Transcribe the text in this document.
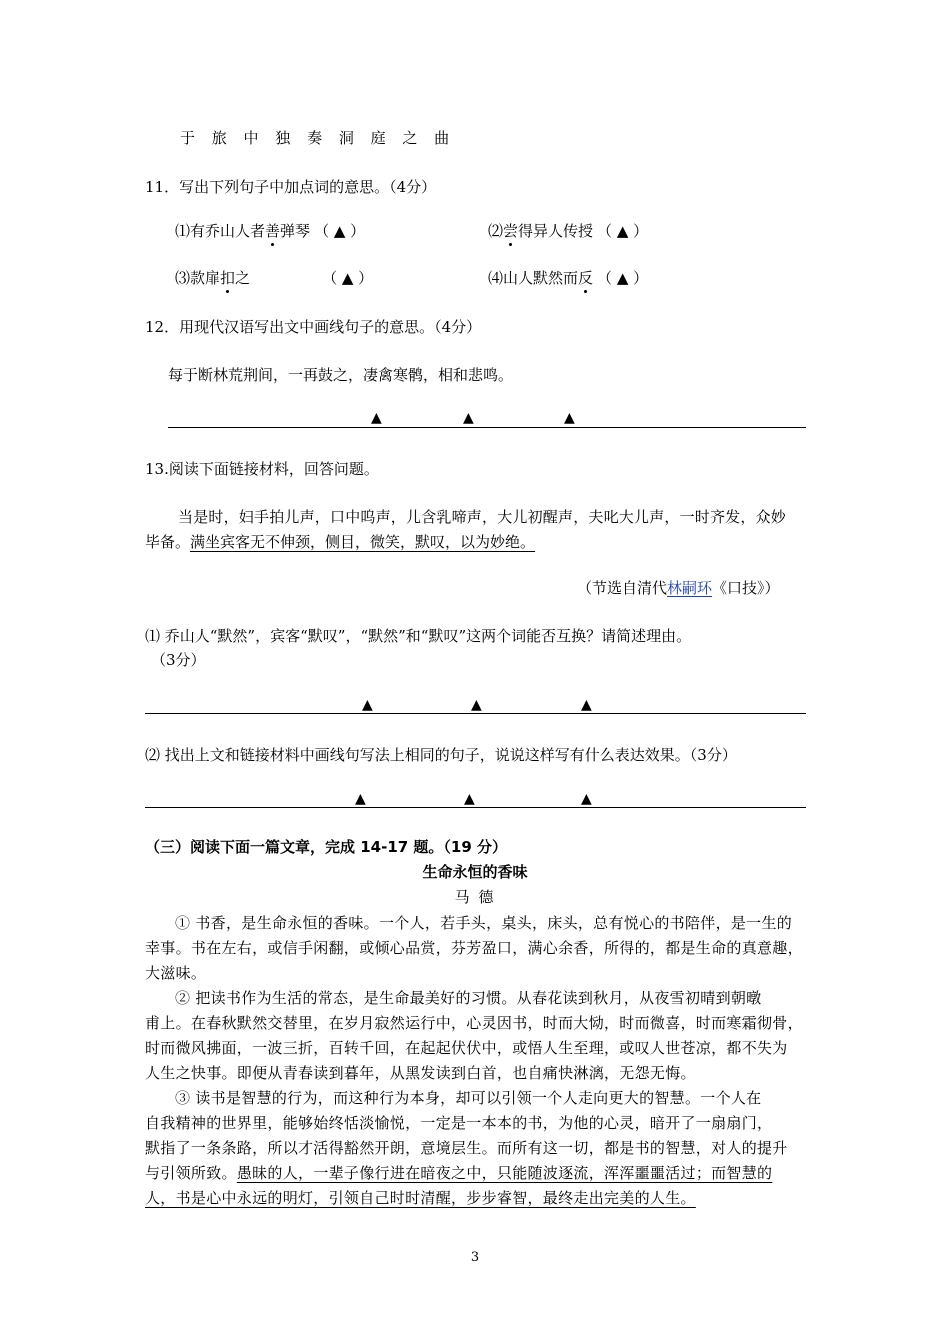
于 旅 中 独 奏 洞 庭 之 曲
11．写出下列句子中加点词的意思。（4分）
⑴有乔山人者善弹琴 （ ▲ ）	⑵尝得异人传授 （ ▲ ）
⑶款扉扣之	（ ▲ ）	⑷山人默然而反 （ ▲ ）
12．用现代汉语写出文中画线句子的意思。（4分）
每于断林荒荆间，一再鼓之，凄禽寒鹘，相和悲鸣。
▲	▲	▲
13.阅读下面链接材料，回答问题。
当是时，妇手拍儿声，口中呜声，儿含乳啼声，大儿初醒声，夫叱大儿声，一时齐发，众妙
毕备。满坐宾客无不伸颈，侧目，微笑，默叹，以为妙绝。
（节选自清代林嗣环《口技》）
⑴ 乔山人“默然”，宾客“默叹”，“默然”和“默叹”这两个词能否互换？请简述理由。
（3分）
▲	▲	▲
⑵ 找出上文和链接材料中画线句写法上相同的句子，说说这样写有什么表达效果。（3分）
▲	▲	▲
（三）阅读下面一篇文章，完成 14-17 题。（19 分）
生命永恒的香味
马 德
① 书香，是生命永恒的香味。一个人，若手头，桌头，床头，总有悦心的书陪伴，是一生的
幸事。书在左右，或信手闲翻，或倾心品赏，芬芳盈口，满心余香，所得的，都是生命的真意趣，
大滋味。
② 把读书作为生活的常态，是生命最美好的习惯。从春花读到秋月，从夜雪初晴到朝暾
甫上。在春秋默然交替里，在岁月寂然运行中，心灵因书，时而大恸，时而微喜，时而寒霜彻骨，
时而微风拂面，一波三折，百转千回，在起起伏伏中，或悟人生至理，或叹人世苍凉，都不失为
人生之快事。即便从青春读到暮年，从黑发读到白首，也自痛快淋漓，无怨无悔。
③ 读书是智慧的行为，而这种行为本身，却可以引领一个人走向更大的智慧。一个人在
自我精神的世界里，能够始终恬淡愉悦，一定是一本本的书，为他的心灵，暗开了一扇扇门，
默指了一条条路，所以才活得豁然开朗，意境层生。而所有这一切，都是书的智慧，对人的提升
与引领所致。愚昧的人，一辈子像行进在暗夜之中，只能随波逐流，浑浑噩噩活过；而智慧的
人，书是心中永远的明灯，引领自己时时清醒，步步睿智，最终走出完美的人生。
3
